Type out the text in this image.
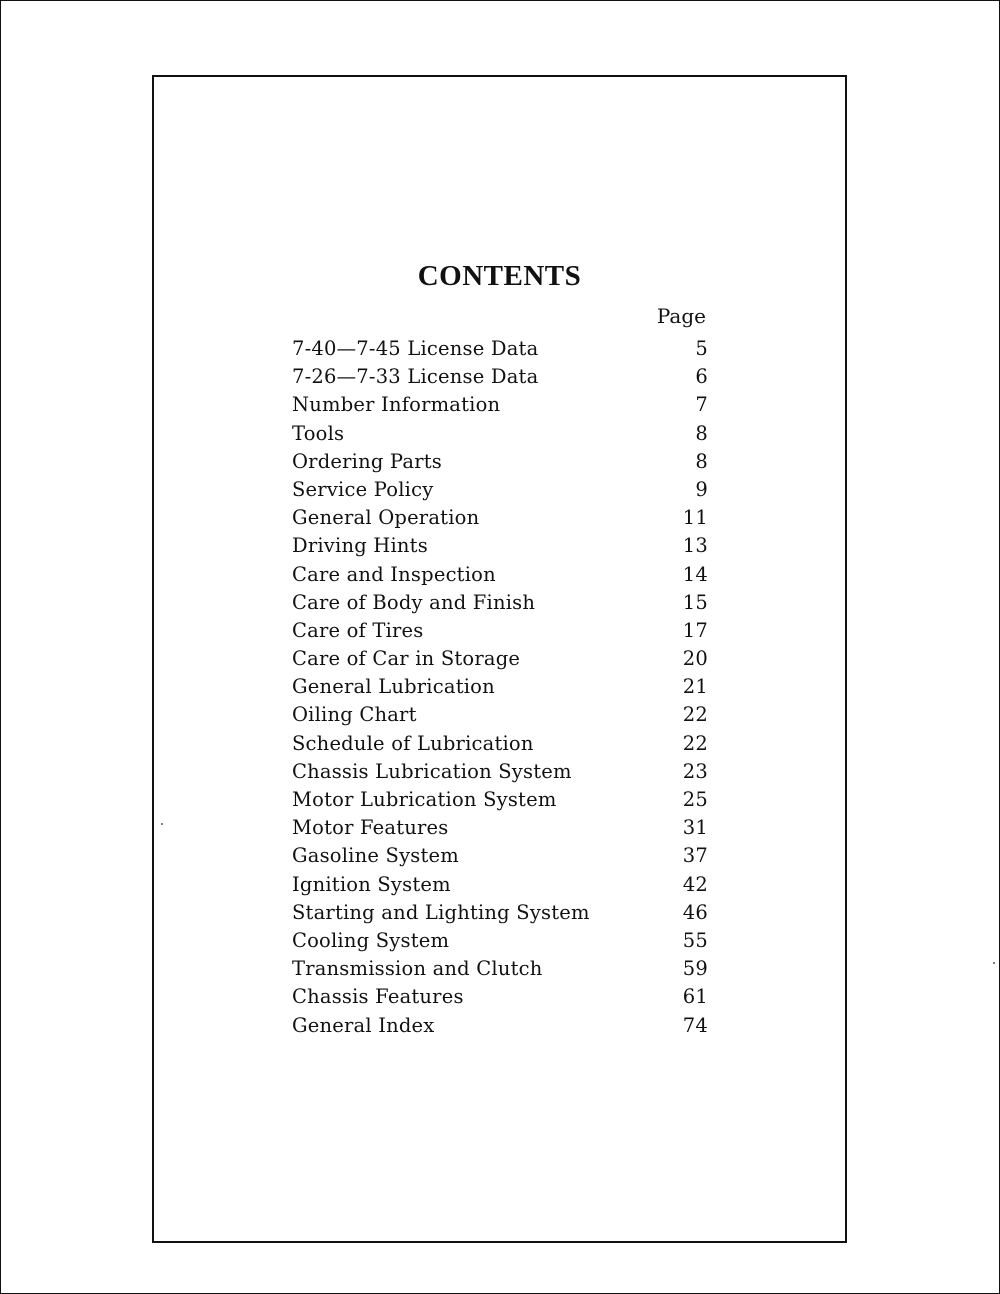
CONTENTS
Page
7-40—7-45 License Data	5
7-26—7-33 License Data	6
Number Information	7
Tools	8
Ordering Parts	8
Service Policy	9
General Operation	11
Driving Hints	13
Care and Inspection	14
Care of Body and Finish	15
Care of Tires	17
Care of Car in Storage	20
General Lubrication	21
Oiling Chart	22
Schedule of Lubrication	22
Chassis Lubrication System	23
Motor Lubrication System	25
Motor Features	31
Gasoline System	37
Ignition System	42
Starting and Lighting System	46
Cooling System	55
Transmission and Clutch	59
Chassis Features	61
General Index	74
